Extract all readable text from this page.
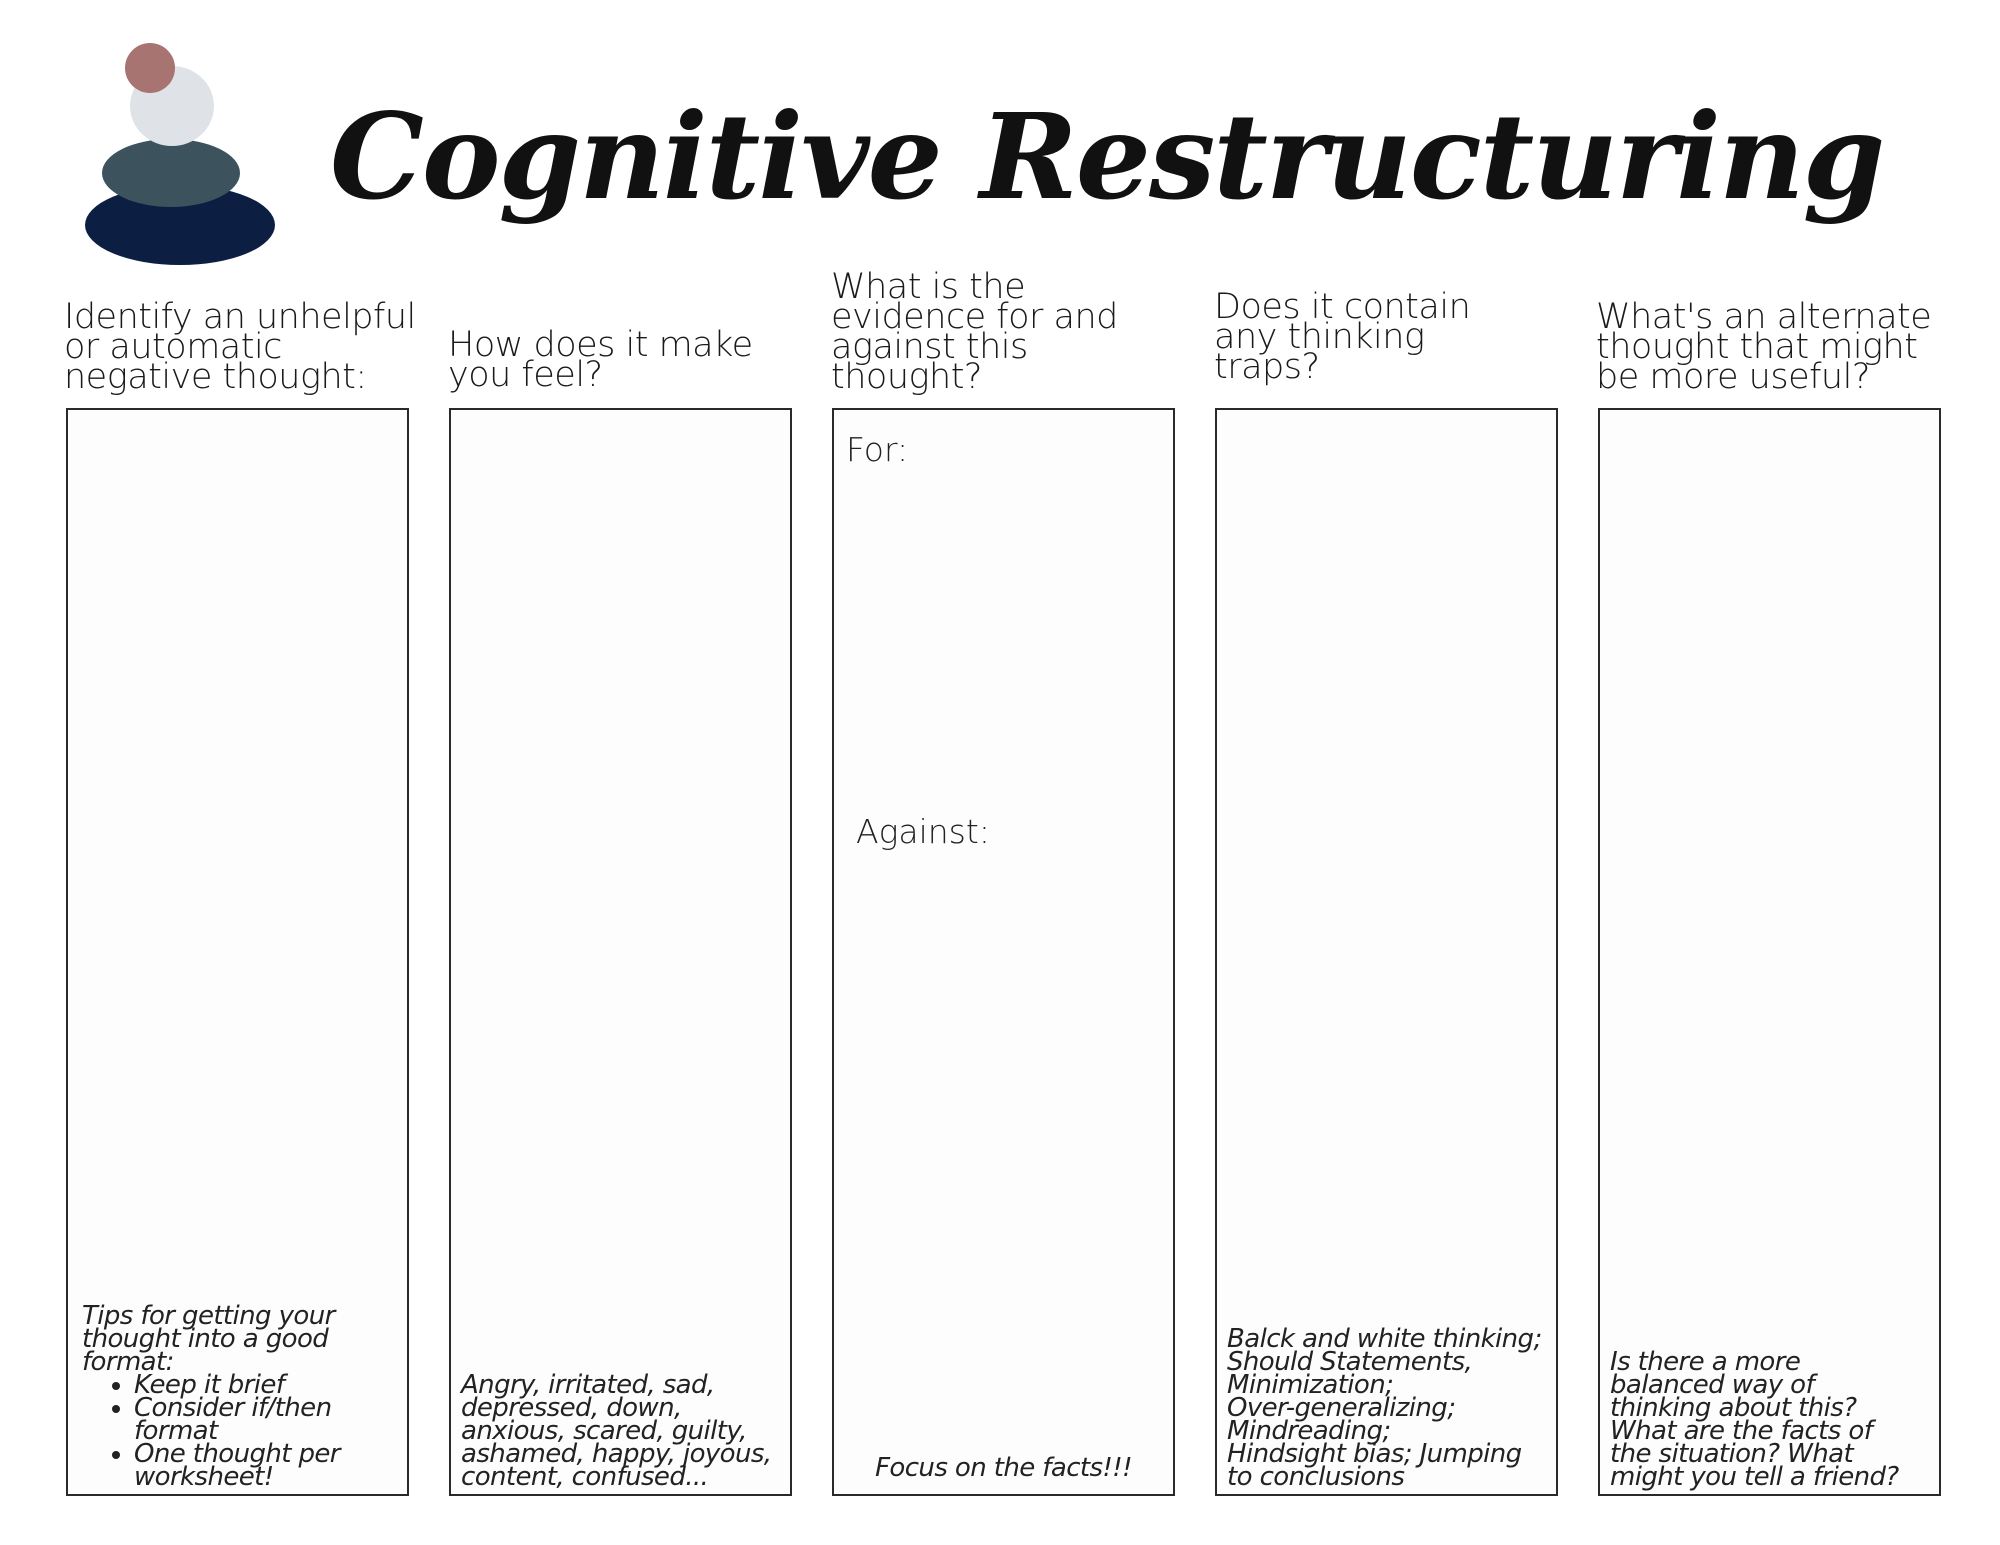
Cognitive Restructuring
Identify an unhelpful
or automatic
negative thought:

Tips for getting your
thought into a good
format:

• Keep it brief
• Consider if/then
format
• One thought per
worksheet!
How does it make
you feel?

Angry, irritated, sad,
depressed, down,
anxious, scared, guilty,
ashamed, happy, joyous,
content, confused...

What is the
evidence for and
against this
thought?

For:

Against:

Focus on the facts!!!

Does it contain
any thinking
traps?

Balck and white thinking;
Should Statements,
Minimization;
Over-generalizing;
Mindreading;
Hindsight bias; Jumping
to conclusions

What's an alternate
thought that might
be more useful?

Is there a more
balanced way of
thinking about this?
What are the facts of
the situation? What
might you tell a friend?
